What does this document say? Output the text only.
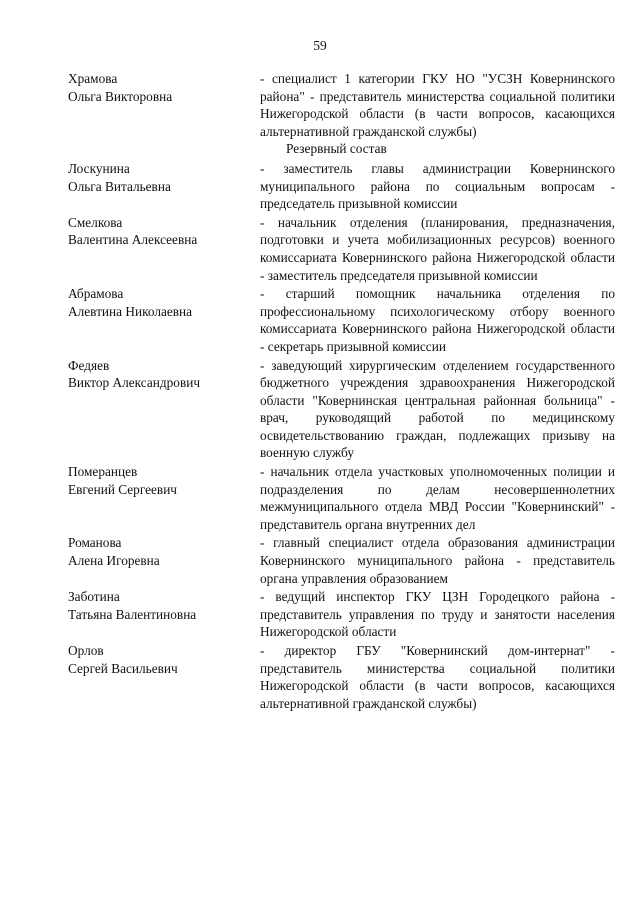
59
Храмова
Ольга Викторовна
- специалист 1 категории ГКУ НО "УСЗН Ковернинского района" - представитель министерства социальной политики Нижегородской области (в части вопросов, касающихся альтернативной гражданской службы)
Резервный состав
Лоскунина
Ольга Витальевна
- заместитель главы администрации Ковернинского муниципального района по социальным вопросам - председатель призывной комиссии
Смелкова
Валентина Алексеевна
- начальник отделения (планирования, предназначения, подготовки и учета мобилизационных ресурсов) военного комиссариата Ковернинского района Нижегородской области - заместитель председателя призывной комиссии
Абрамова
Алевтина Николаевна
- старший помощник начальника отделения по профессиональному психологическому отбору военного комиссариата Ковернинского района Нижегородской области - секретарь призывной комиссии
Федяев
Виктор Александрович
- заведующий хирургическим отделением государственного бюджетного учреждения здравоохранения Нижегородской области "Ковернинская центральная районная больница" - врач, руководящий работой по медицинскому освидетельствованию граждан, подлежащих призыву на военную службу
Померанцев
Евгений Сергеевич
- начальник отдела участковых уполномоченных полиции и подразделения по делам несовершеннолетних межмуниципального отдела МВД России "Ковернинский" - представитель органа внутренних дел
Романова
Алена Игоревна
- главный специалист отдела образования администрации Ковернинского муниципального района - представитель органа управления образованием
Заботина
Татьяна Валентиновна
- ведущий инспектор ГКУ ЦЗН Городецкого района - представитель управления по труду и занятости населения Нижегородской области
Орлов
Сергей Васильевич
- директор ГБУ "Ковернинский дом-интернат" - представитель министерства социальной политики Нижегородской области (в части вопросов, касающихся альтернативной гражданской службы)
